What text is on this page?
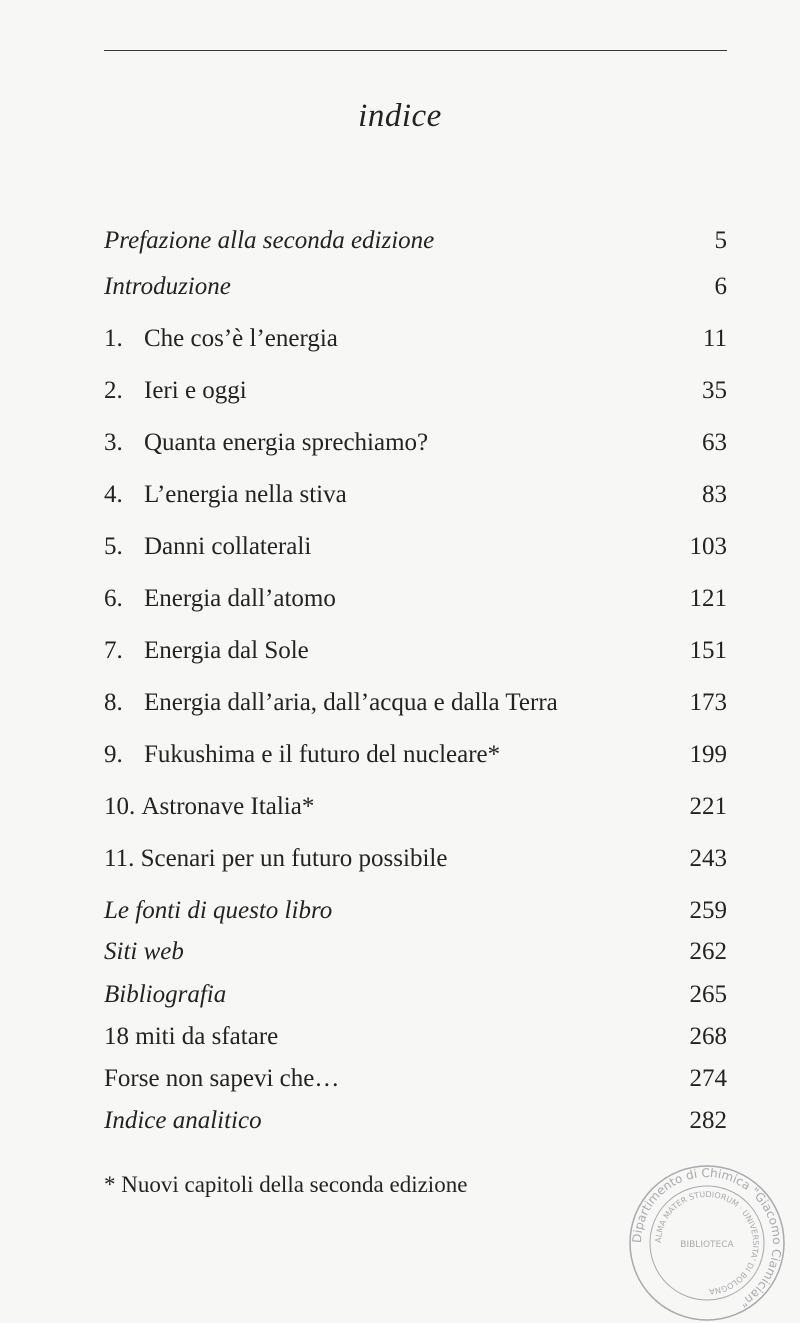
indice
Prefazione alla seconda edizione	5
Introduzione	6
1. Che cos’è l’energia	11
2. Ieri e oggi	35
3. Quanta energia sprechiamo?	63
4. L’energia nella stiva	83
5. Danni collaterali	103
6. Energia dall’atomo	121
7. Energia dal Sole	151
8. Energia dall’aria, dall’acqua e dalla Terra	173
9. Fukushima e il futuro del nucleare*	199
10. Astronave Italia*	221
11. Scenari per un futuro possibile	243
Le fonti di questo libro	259
Siti web	262
Bibliografia	265
18 miti da sfatare	268
Forse non sapevi che…	274
Indice analitico	282
* Nuovi capitoli della seconda edizione
Dipartimento di Chimica "Giacomo Ciamician"
ALMA MATER STUDIORUM · UNIVERSITA' DI BOLOGNA
BIBLIOTECA
